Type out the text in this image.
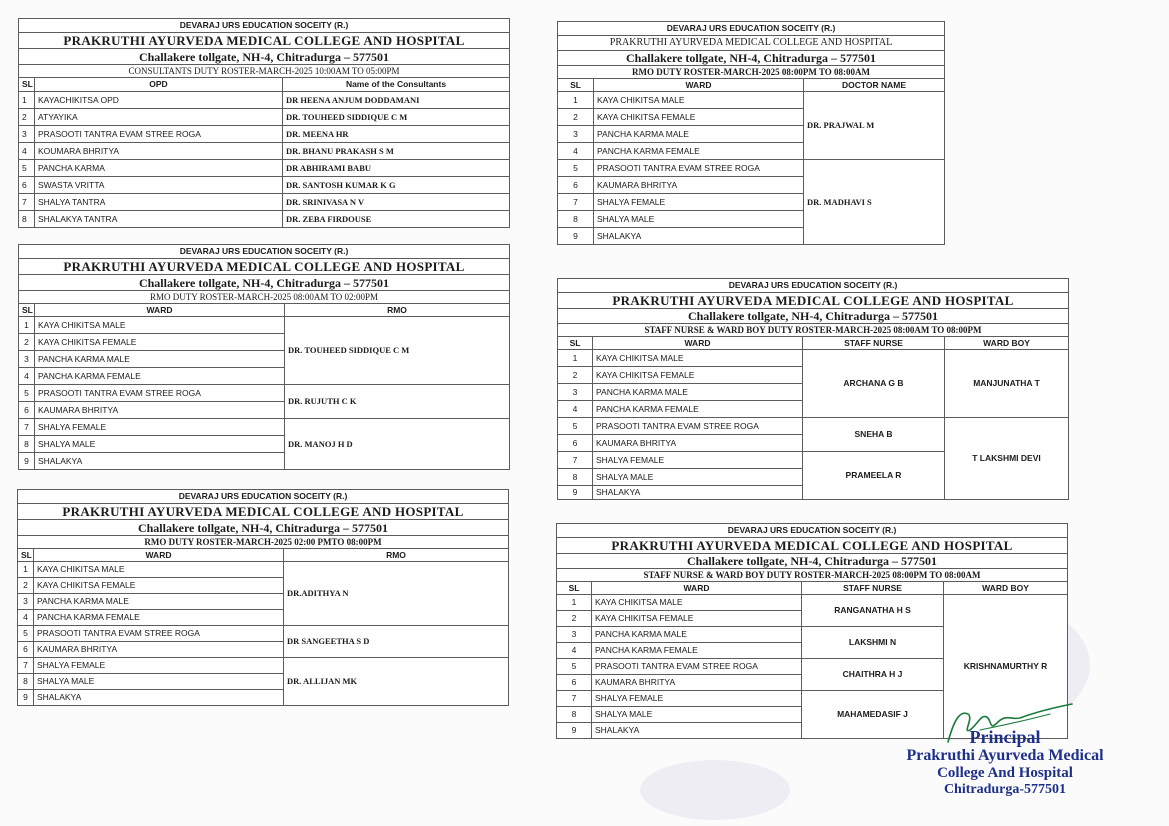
DEVARAJ URS EDUCATION SOCEITY (R.)		
PRAKRUTHI AYURVEDA MEDICAL COLLEGE AND HOSPITAL		
Challakere tollgate, NH-4, Chitradurga – 577501		
CONSULTANTS DUTY ROSTER-MARCH-2025 10:00AM TO 05:00PM		
SL	OPD	Name of the Consultants
1	KAYACHIKITSA OPD	DR HEENA ANJUM DODDAMANI
2	ATYAYIKA	DR. TOUHEED SIDDIQUE C M
3	PRASOOTI TANTRA EVAM STREE ROGA	DR. MEENA HR
4	KOUMARA BHRITYA	DR. BHANU PRAKASH S M
5	PANCHA KARMA	DR ABHIRAMI BABU
6	SWASTA VRITTA	DR. SANTOSH KUMAR K G
7	SHALYA TANTRA	DR. SRINIVASA N V
8	SHALAKYA TANTRA	DR. ZEBA FIRDOUSE
DEVARAJ URS EDUCATION SOCEITY (R.)		
PRAKRUTHI AYURVEDA MEDICAL COLLEGE AND HOSPITAL		
Challakere tollgate, NH-4, Chitradurga – 577501		
RMO DUTY ROSTER-MARCH-2025 08:00AM TO 02:00PM		
SL	WARD	RMO
1	KAYA CHIKITSA MALE	DR. TOUHEED SIDDIQUE C M
2	KAYA CHIKITSA FEMALE	
3	PANCHA KARMA MALE	
4	PANCHA KARMA FEMALE	
5	PRASOOTI TANTRA EVAM STREE ROGA	DR. RUJUTH C K
6	KAUMARA BHRITYA	
7	SHALYA FEMALE	DR. MANOJ H D
8	SHALYA MALE	
9	SHALAKYA	
DEVARAJ URS EDUCATION SOCEITY (R.)		
PRAKRUTHI AYURVEDA MEDICAL COLLEGE AND HOSPITAL		
Challakere tollgate, NH-4, Chitradurga – 577501		
RMO DUTY ROSTER-MARCH-2025 02:00 PMTO 08:00PM		
SL	WARD	RMO
1	KAYA CHIKITSA MALE	DR.ADITHYA N
2	KAYA CHIKITSA FEMALE	
3	PANCHA KARMA MALE	
4	PANCHA KARMA FEMALE	
5	PRASOOTI TANTRA EVAM STREE ROGA	DR SANGEETHA S D
6	KAUMARA BHRITYA	
7	SHALYA FEMALE	DR. ALLIJAN MK
8	SHALYA MALE	
9	SHALAKYA	
DEVARAJ URS EDUCATION SOCEITY (R.)		
PRAKRUTHI AYURVEDA MEDICAL COLLEGE AND HOSPITAL		
Challakere tollgate, NH-4, Chitradurga – 577501		
RMO DUTY ROSTER-MARCH-2025 08:00PM TO 08:00AM		
SL	WARD	DOCTOR NAME
1	KAYA CHIKITSA MALE	DR. PRAJWAL M
2	KAYA CHIKITSA FEMALE	
3	PANCHA KARMA MALE	
4	PANCHA KARMA FEMALE	
5	PRASOOTI TANTRA EVAM STREE ROGA	DR. MADHAVI S
6	KAUMARA BHRITYA	
7	SHALYA FEMALE	
8	SHALYA MALE	
9	SHALAKYA	
DEVARAJ URS EDUCATION SOCEITY (R.)			
PRAKRUTHI AYURVEDA MEDICAL COLLEGE AND HOSPITAL			
Challakere tollgate, NH-4, Chitradurga – 577501			
STAFF NURSE & WARD BOY DUTY ROSTER-MARCH-2025 08:00AM TO 08:00PM			
SL	WARD	STAFF NURSE	WARD BOY
1	KAYA CHIKITSA MALE	ARCHANA G B	MANJUNATHA T
2	KAYA CHIKITSA FEMALE		
3	PANCHA KARMA MALE		
4	PANCHA KARMA FEMALE		
5	PRASOOTI TANTRA EVAM STREE ROGA	SNEHA B	T LAKSHMI DEVI
6	KAUMARA BHRITYA		
7	SHALYA FEMALE	PRAMEELA R	
8	SHALYA MALE		
9	SHALAKYA		
DEVARAJ URS EDUCATION SOCEITY (R.)			
PRAKRUTHI AYURVEDA MEDICAL COLLEGE AND HOSPITAL			
Challakere tollgate, NH-4, Chitradurga – 577501			
STAFF NURSE & WARD BOY DUTY ROSTER-MARCH-2025 08:00PM TO 08:00AM			
SL	WARD	STAFF NURSE	WARD BOY
1	KAYA CHIKITSA MALE	RANGANATHA H S	KRISHNAMURTHY R
2	KAYA CHIKITSA FEMALE		
3	PANCHA KARMA MALE	LAKSHMI N	
4	PANCHA KARMA FEMALE		
5	PRASOOTI TANTRA EVAM STREE ROGA	CHAITHRA H J	
6	KAUMARA BHRITYA		
7	SHALYA FEMALE	MAHAMEDASIF J	
8	SHALYA MALE		
9	SHALAKYA			Principal
Prakruthi Ayurveda Medical
College And Hospital
Chitradurga-577501
